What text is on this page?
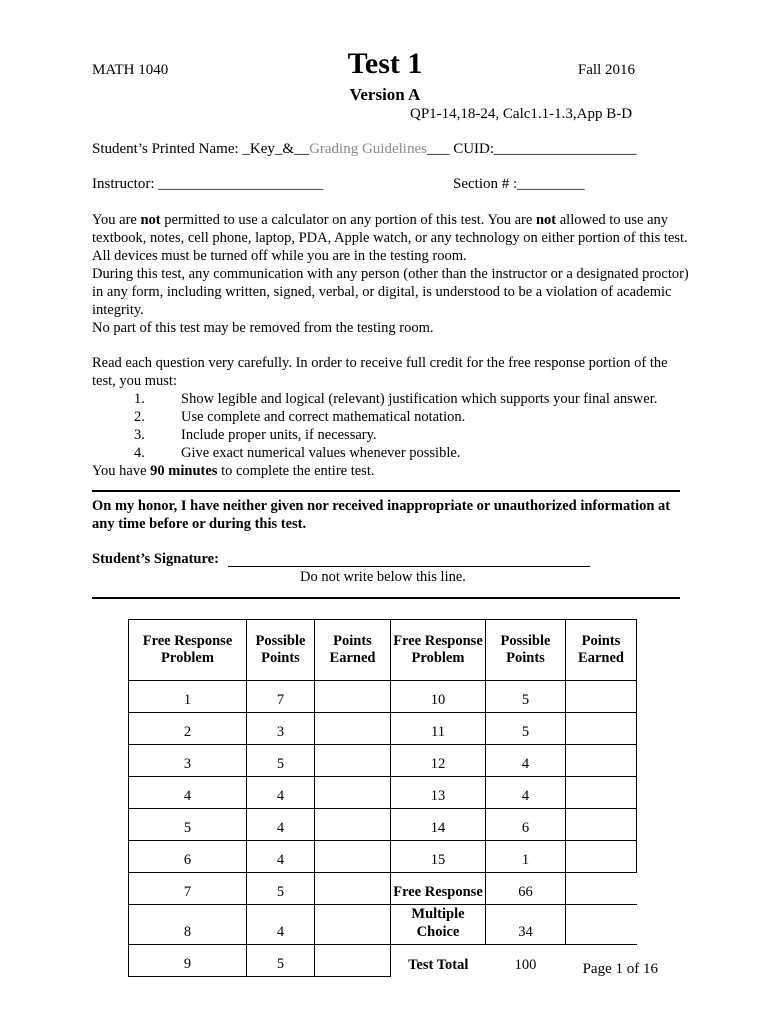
MATH 1040	Test 1	Fall 2016
Version A
QP1-14,18-24, Calc1.1-1.3,App B-D
Student’s Printed Name: _Key_&__Grading Guidelines___ CUID:___________________
Instructor: ______________________	Section # :_________

You are not permitted to use a calculator on any portion of this test. You are not allowed to use any textbook, notes, cell phone, laptop, PDA, Apple watch, or any technology on either portion of this test. All devices must be turned off while you are in the testing room.

During this test, any communication with any person (other than the instructor or a designated proctor) in any form, including written, signed, verbal, or digital, is understood to be a violation of academic integrity.

No part of this test may be removed from the testing room.

Read each question very carefully. In order to receive full credit for the free response portion of the test, you must:

1. Show legible and logical (relevant) justification which supports your final answer.
2. Use complete and correct mathematical notation.
3. Include proper units, if necessary.
4. Give exact numerical values whenever possible.

You have 90 minutes to complete the entire test.

On my honor, I have neither given nor received inappropriate or unauthorized information at any time before or during this test.
Student’s Signature:
Do not write below this line.
Free Response Problem	Possible Points	Points Earned	Free Response Problem	Possible Points	Points Earned
1	7		10	5	
2	3		11	5	
3	5		12	4	
4	4		13	4	
5	4		14	6	
6	4		15	1	
7	5		Free Response	66	
8	4		Multiple Choice	34	
9	5		Test Total	100		Page 1 of 16
